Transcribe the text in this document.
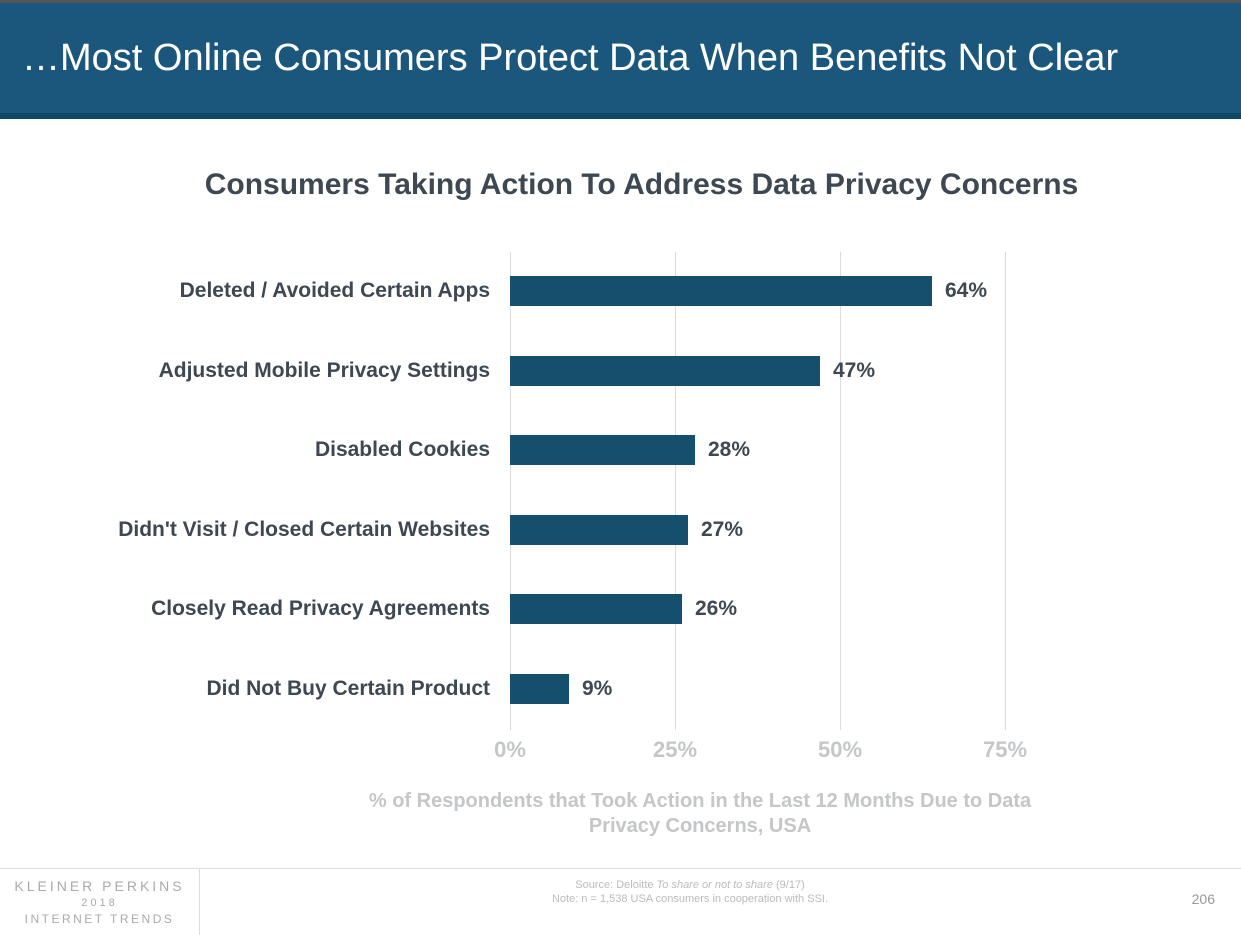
…Most Online Consumers Protect Data When Benefits Not Clear
Consumers Taking Action To Address Data Privacy Concerns
0%	25%	50%	75%
Deleted / Avoided Certain Apps	64%
Adjusted Mobile Privacy Settings	47%
Disabled Cookies	28%
Didn't Visit / Closed Certain Websites	27%
Closely Read Privacy Agreements	26%
Did Not Buy Certain Product	9%
% of Respondents that Took Action in the Last 12 Months Due to Data
Privacy Concerns, USA
KLEINER PERKINS
2018
INTERNET TRENDS
Source: Deloitte To share or not to share (9/17)
Note: n = 1,538 USA consumers in cooperation with SSI.	206
